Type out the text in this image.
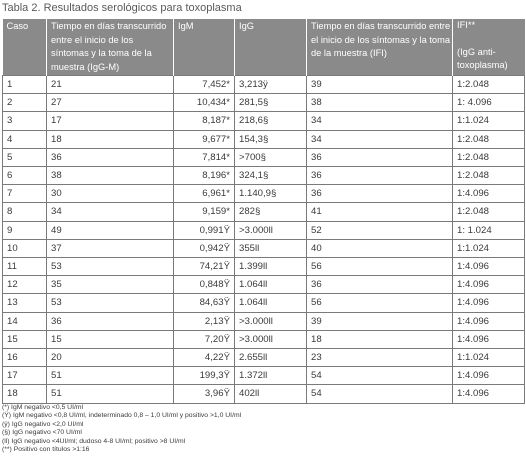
Tabla 2. Resultados serológicos para toxoplasma
Caso	Tiempo en días transcurrido entre el inicio de los síntomas y la toma de la muestra (IgG-M)	IgM	IgG	Tiempo en días transcurrido entre el inicio de los síntomas y la toma de la muestra (IFI)	IFI**
(IgG anti-toxoplasma)

1	21	7,452*	3,213ÿ	39	1:2.048
2	27	10,434*	281,5§	38	1: 4.096
3	17	8,187*	218,6§	34	1:1.024
4	18	9,677*	154,3§	34	1:2.048
5	36	7,814*	>700§	36	1:2.048
6	38	8,196*	324,1§	36	1:2.048
7	30	6,961*	1.140,9§	36	1:4.096
8	34	9,159*	282§	41	1:2.048
9	49	0,991Ÿ	>3.000ll	52	1: 1.024
10	37	0,942Ÿ	355ll	40	1:1.024
11	53	74,21Ÿ	1.399ll	56	1:4.096
12	35	0,848Ÿ	1.064ll	36	1:4.096
13	53	84,63Ÿ	1.064ll	56	1:4.096
14	36	2,13Ÿ	>3.000ll	39	1:4.096
15	15	7,20Ÿ	>3.000ll	18	1:4.096
16	20	4,22Ÿ	2.655ll	23	1:1.024
17	51	199,3Ÿ	1.372ll	54	1:4.096
18	51	3,96Ÿ	402ll	54	1:4.096
(*) IgM negativo <0,5 UI/ml
(Ÿ) IgM negativo <0,8 UI/ml, indeterminado 0,8 – 1,0 UI/ml y positivo >1,0 UI/ml
(ÿ) IgG negativo <2,0 UI/ml
(§) IgG negativo <70 UI/ml
(ll) IgG negativo <4UI/ml; dudoso 4-8 UI/ml; positivo >8 UI/ml
(**) Positivo con títulos >1:16
